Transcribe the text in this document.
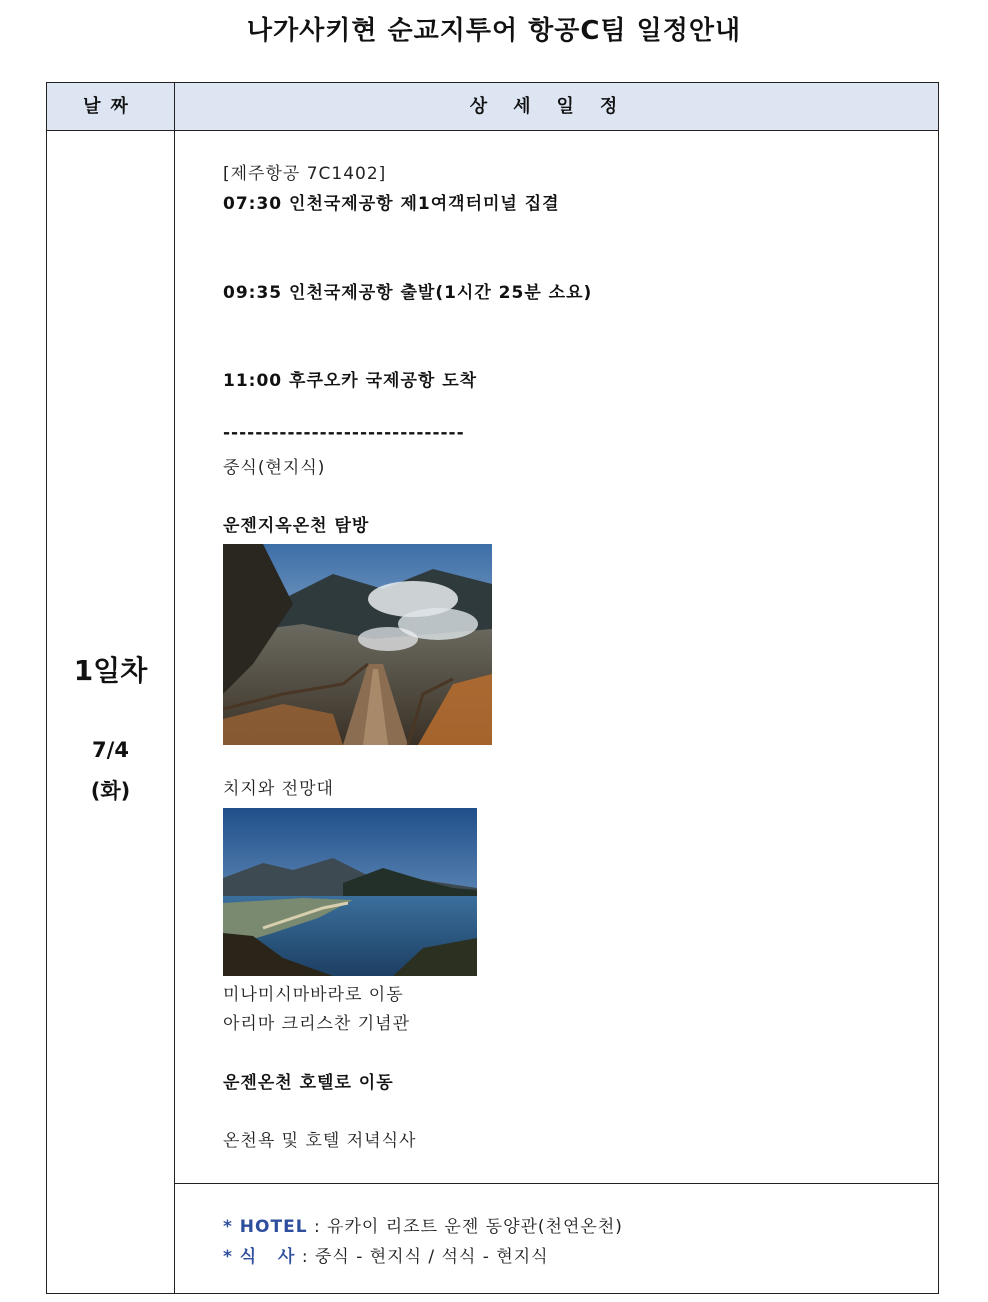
나가사키현 순교지투어 항공C팀 일정안내
날짜	상세일정
1일차
7/4
(화)
[제주항공 7C1402]
07:30 인천국제공항 제1여객터미널 집결
09:35 인천국제공항 출발(1시간 25분 소요)
11:00 후쿠오카 국제공항 도착
------------------------------
중식(현지식)
운젠지옥온천 탐방
치지와 전망대
미나미시마바라로 이동
아리마 크리스찬 기념관
운젠온천 호텔로 이동
온천욕 및 호텔 저녁식사
* HOTEL : 유카이 리조트 운젠 동양관(천연온천)
* 식   사 : 중식 - 현지식 / 석식 - 현지식
